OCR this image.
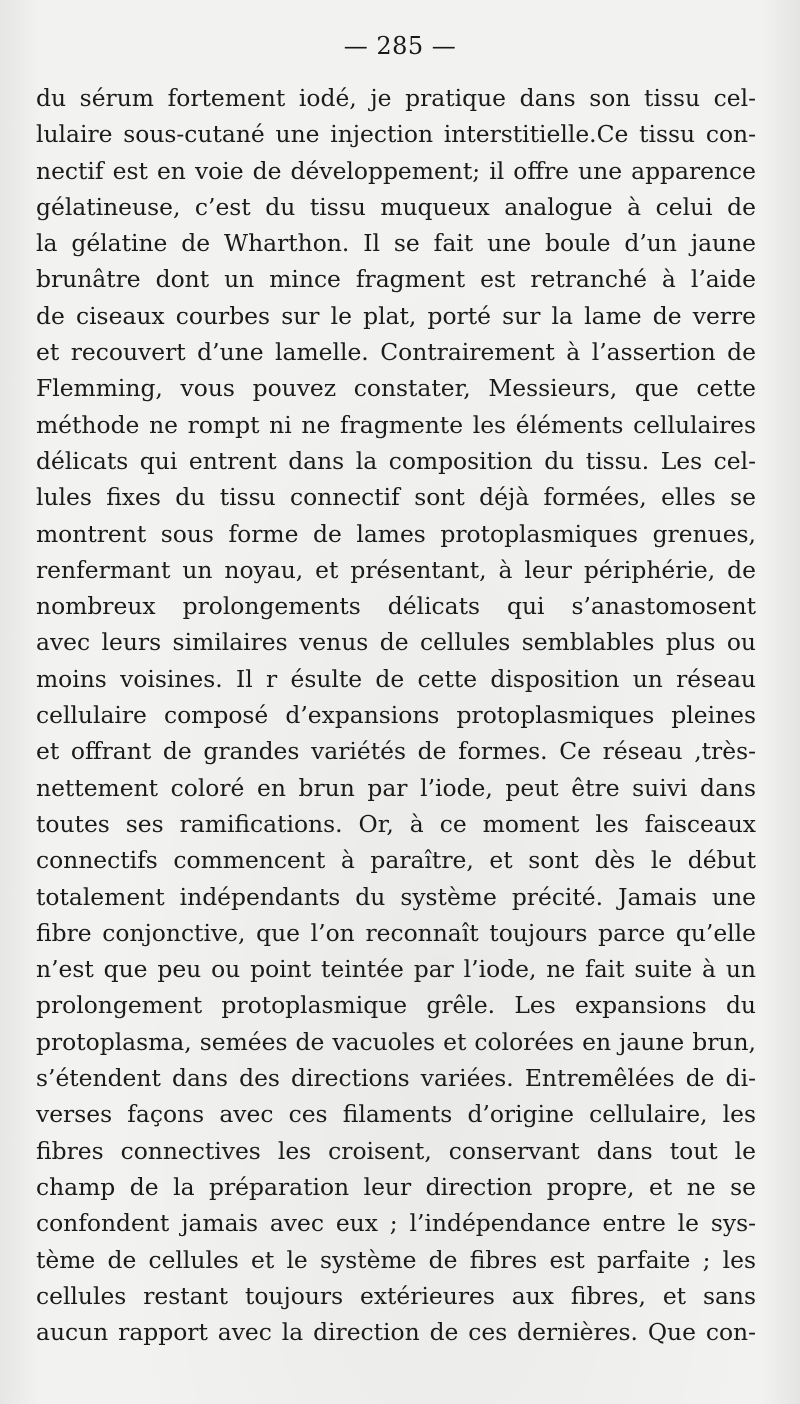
— 285 —
du sérum fortement iodé, je pratique dans son tissu cel-
lulaire sous-cutané une injection interstitielle.Ce tissu con-
nectif est en voie de développement; il offre une apparence
gélatineuse, c’est du tissu muqueux analogue à celui de
la gélatine de Wharthon. Il se fait une boule d’un jaune
brunâtre dont un mince fragment est retranché à l’aide
de ciseaux courbes sur le plat, porté sur la lame de verre
et recouvert d’une lamelle. Contrairement à l’assertion de
Flemming, vous pouvez constater, Messieurs, que cette
méthode ne rompt ni ne fragmente les éléments cellulaires
délicats qui entrent dans la composition du tissu. Les cel-
lules fixes du tissu connectif sont déjà formées, elles se
montrent sous forme de lames protoplasmiques grenues,
renfermant un noyau, et présentant, à leur périphérie, de
nombreux prolongements délicats qui s’anastomosent
avec leurs similaires venus de cellules semblables plus ou
moins voisines. Il r ésulte de cette disposition un réseau
cellulaire composé d’expansions protoplasmiques pleines
et offrant de grandes variétés de formes. Ce réseau ,très-
nettement coloré en brun par l’iode, peut être suivi dans
toutes ses ramifications. Or, à ce moment les faisceaux
connectifs commencent à paraître, et sont dès le début
totalement indépendants du système précité. Jamais une
fibre conjonctive, que l’on reconnaît toujours parce qu’elle
n’est que peu ou point teintée par l’iode, ne fait suite à un
prolongement protoplasmique grêle. Les expansions du
protoplasma, semées de vacuoles et colorées en jaune brun,
s’étendent dans des directions variées. Entremêlées de di-
verses façons avec ces filaments d’origine cellulaire, les
fibres connectives les croisent, conservant dans tout le
champ de la préparation leur direction propre, et ne se
confondent jamais avec eux ; l’indépendance entre le sys-
tème de cellules et le système de fibres est parfaite ; les
cellules restant toujours extérieures aux fibres, et sans
aucun rapport avec la direction de ces dernières. Que con-
